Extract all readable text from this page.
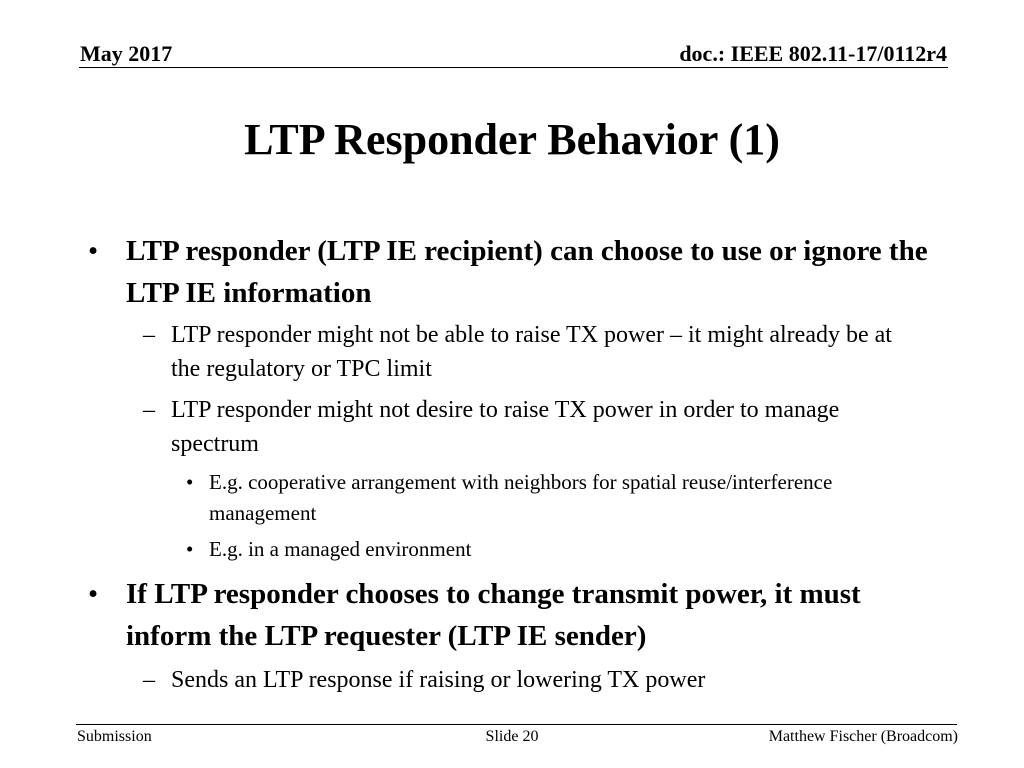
May 2017	doc.: IEEE 802.11-17/0112r4
LTP Responder Behavior (1)
• LTP responder (LTP IE recipient) can choose to use or ignore the LTP IE information
– LTP responder might not be able to raise TX power – it might already be at the regulatory or TPC limit
– LTP responder might not desire to raise TX power in order to manage spectrum
• E.g. cooperative arrangement with neighbors for spatial reuse/interference management
• E.g. in a managed environment
• If LTP responder chooses to change transmit power, it must inform the LTP requester (LTP IE sender)
– Sends an LTP response if raising or lowering TX power
Submission	Slide 20	Matthew Fischer (Broadcom)
